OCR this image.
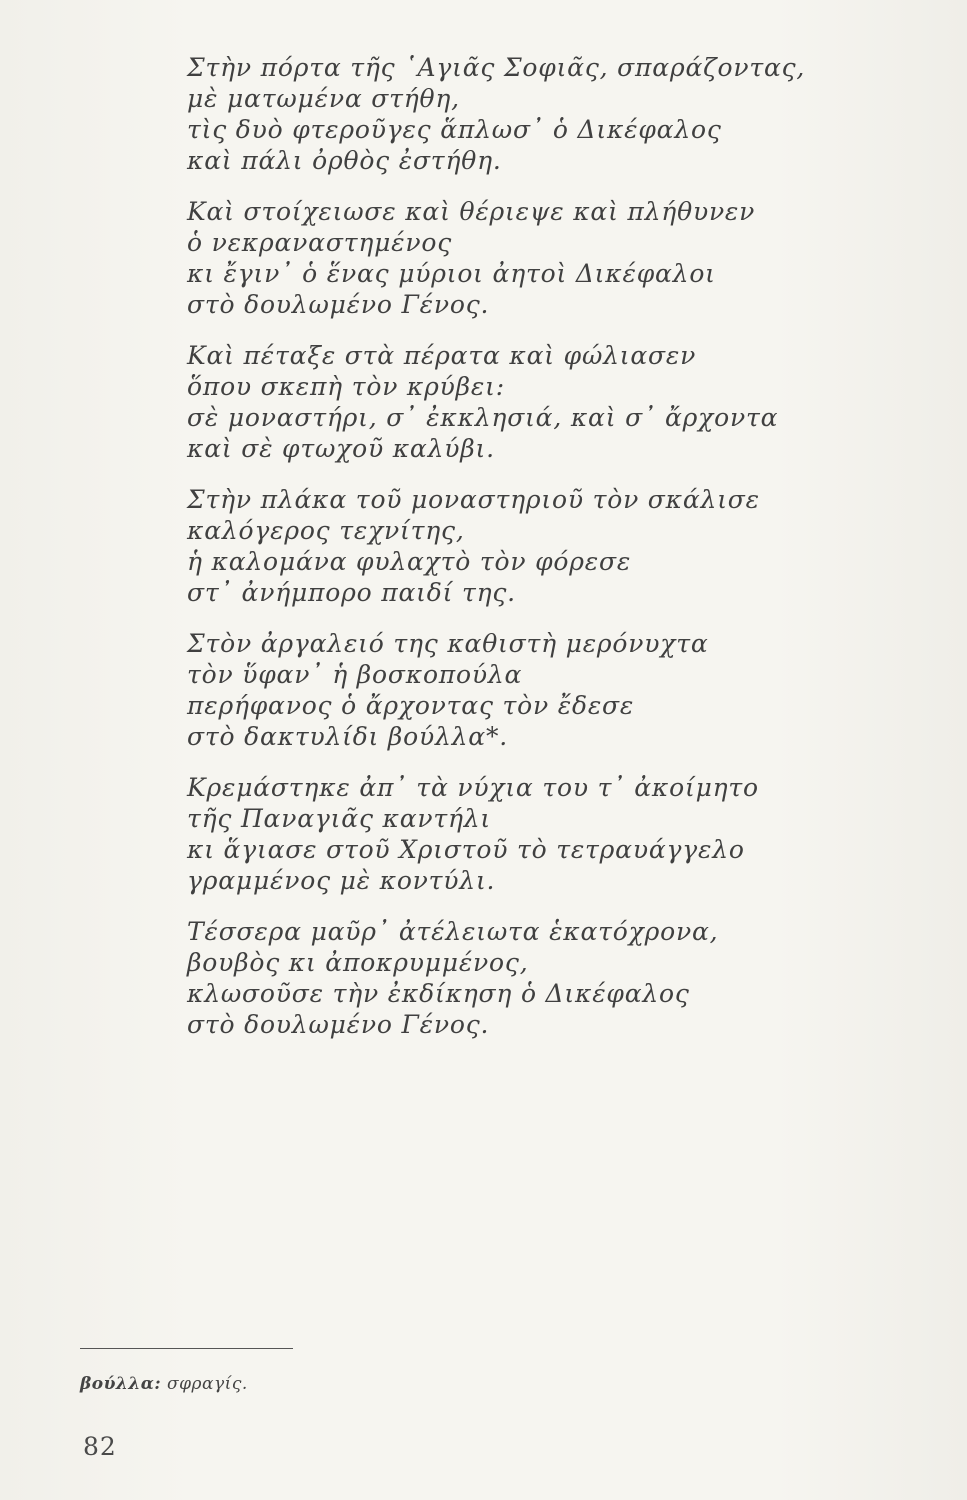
Στὴν πόρτα τῆς ῾Αγιᾶς Σοφιᾶς, σπαράζοντας,
μὲ ματωμένα στήθη,
τὶς δυὸ φτεροῦγες ἅπλωσ᾿ ὁ Δικέφαλος
καὶ πάλι ὀρθὸς ἐστήθη.
Καὶ στοίχειωσε καὶ θέριεψε καὶ πλήθυνεν
ὁ νεκραναστημένος
κι ἔγιν᾿ ὁ ἕνας μύριοι ἀητοὶ Δικέφαλοι
στὸ δουλωμένο Γένος.
Καὶ πέταξε στὰ πέρατα καὶ φώλιασεν
ὅπου σκεπὴ τὸν κρύβει:
σὲ μοναστήρι, σ᾿ ἐκκλησιά, καὶ σ᾿ ἄρχοντα
καὶ σὲ φτωχοῦ καλύβι.
Στὴν πλάκα τοῦ μοναστηριοῦ τὸν σκάλισε
καλόγερος τεχνίτης,
ἡ καλομάνα φυλαχτὸ τὸν φόρεσε
στ᾿ ἀνήμπορο παιδί της.
Στὸν ἀργαλειό της καθιστὴ μερόνυχτα
τὸν ὕφαν᾿ ἡ βοσκοπούλα
περήφανος ὁ ἄρχοντας τὸν ἔδεσε
στὸ δακτυλίδι βούλλα*.
Κρεμάστηκε ἀπ᾿ τὰ νύχια του τ᾿ ἀκοίμητο
τῆς Παναγιᾶς καντήλι
κι ἅγιασε στοῦ Χριστοῦ τὸ τετραυάγγελο
γραμμένος μὲ κοντύλι.
Τέσσερα μαῦρ᾿ ἀτέλειωτα ἑκατόχρονα,
βουβὸς κι ἀποκρυμμένος,
κλωσοῦσε τὴν ἐκδίκηση ὁ Δικέφαλος
στὸ δουλωμένο Γένος.
βούλλα: σφραγίς.
82
